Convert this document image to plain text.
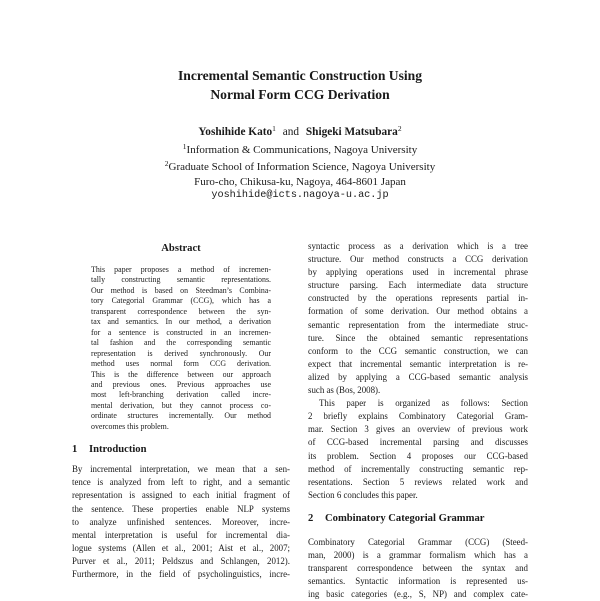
Incremental Semantic Construction Using
Normal Form CCG Derivation
Yoshihide Kato$^1$ and Shigeki Matsubara$^2$
$^1$Information & Communications, Nagoya University
$^2$Graduate School of Information Science, Nagoya University
Furo-cho, Chikusa-ku, Nagoya, 464-8601 Japan
yoshihide@icts.nagoya-u.ac.jp
Abstract
This paper proposes a method of incremen-
tally constructing semantic representations.
Our method is based on Steedman’s Combina-
tory Categorial Grammar (CCG), which has a
transparent correspondence between the syn-
tax and semantics. In our method, a derivation
for a sentence is constructed in an incremen-
tal fashion and the corresponding semantic
representation is derived synchronously. Our
method uses normal form CCG derivation.
This is the difference between our approach
and previous ones. Previous approaches use
most left-branching derivation called incre-
mental derivation, but they cannot process co-
ordinate structures incrementally. Our method
overcomes this problem.
1 Introduction
By incremental interpretation, we mean that a sen-
tence is analyzed from left to right, and a semantic
representation is assigned to each initial fragment of
the sentence. These properties enable NLP systems
to analyze unfinished sentences. Moreover, incre-
mental interpretation is useful for incremental dia-
logue systems (Allen et al., 2001; Aist et al., 2007;
Purver et al., 2011; Peldszus and Schlangen, 2012).
Furthermore, in the field of psycholinguistics, incre-
syntactic process as a derivation which is a tree
structure. Our method constructs a CCG derivation
by applying operations used in incremental phrase
structure parsing. Each intermediate data structure
constructed by the operations represents partial in-
formation of some derivation. Our method obtains a
semantic representation from the intermediate struc-
ture. Since the obtained semantic representations
conform to the CCG semantic construction, we can
expect that incremental semantic interpretation is re-
alized by applying a CCG-based semantic analysis
such as (Bos, 2008).
This paper is organized as follows: Section
2 briefly explains Combinatory Categorial Gram-
mar. Section 3 gives an overview of previous work
of CCG-based incremental parsing and discusses
its problem. Section 4 proposes our CCG-based
method of incrementally constructing semantic rep-
resentations. Section 5 reviews related work and
Section 6 concludes this paper.
2 Combinatory Categorial Grammar
Combinatory Categorial Grammar (CCG) (Steed-
man, 2000) is a grammar formalism which has a
transparent correspondence between the syntax and
semantics. Syntactic information is represented us-
ing basic categories (e.g., S, NP) and complex cate-
